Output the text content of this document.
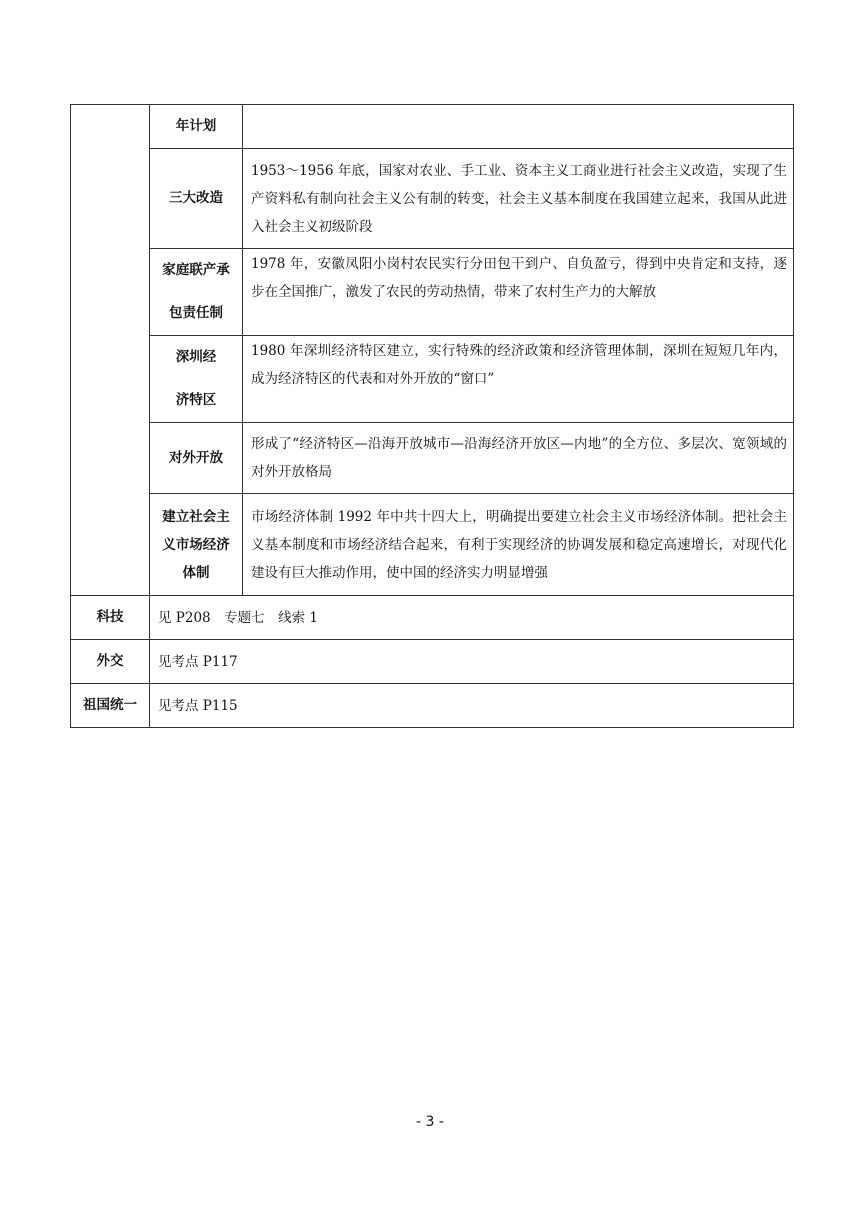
	年计划	

	三大改造	1953～1956 年底，国家对农业、手工业、资本主义工商业进行社会主义改造，实现了生产资料私有制向社会主义公有制的转变，社会主义基本制度在我国建立起来，我国从此进入社会主义初级阶段

	家庭联产承
包责任制	1978 年，安徽凤阳小岗村农民实行分田包干到户、自负盈亏，得到中央肯定和支持，逐步在全国推广，激发了农民的劳动热情，带来了农村生产力的大解放

	深圳经
济特区	1980 年深圳经济特区建立，实行特殊的经济政策和经济管理体制，深圳在短短几年内，成为经济特区的代表和对外开放的“窗口”

	对外开放	形成了“经济特区—沿海开放城市—沿海经济开放区—内地”的全方位、多层次、宽领域的对外开放格局

	建立社会主
义市场经济
体制	市场经济体制 1992 年中共十四大上，明确提出要建立社会主义市场经济体制。把社会主义基本制度和市场经济结合起来，有利于实现经济的协调发展和稳定高速增长，对现代化建设有巨大推动作用，使中国的经济实力明显增强

科技	见 P208　专题七　线索 1	

外交	见考点 P117	

祖国统一	见考点 P115	
- 3 -
